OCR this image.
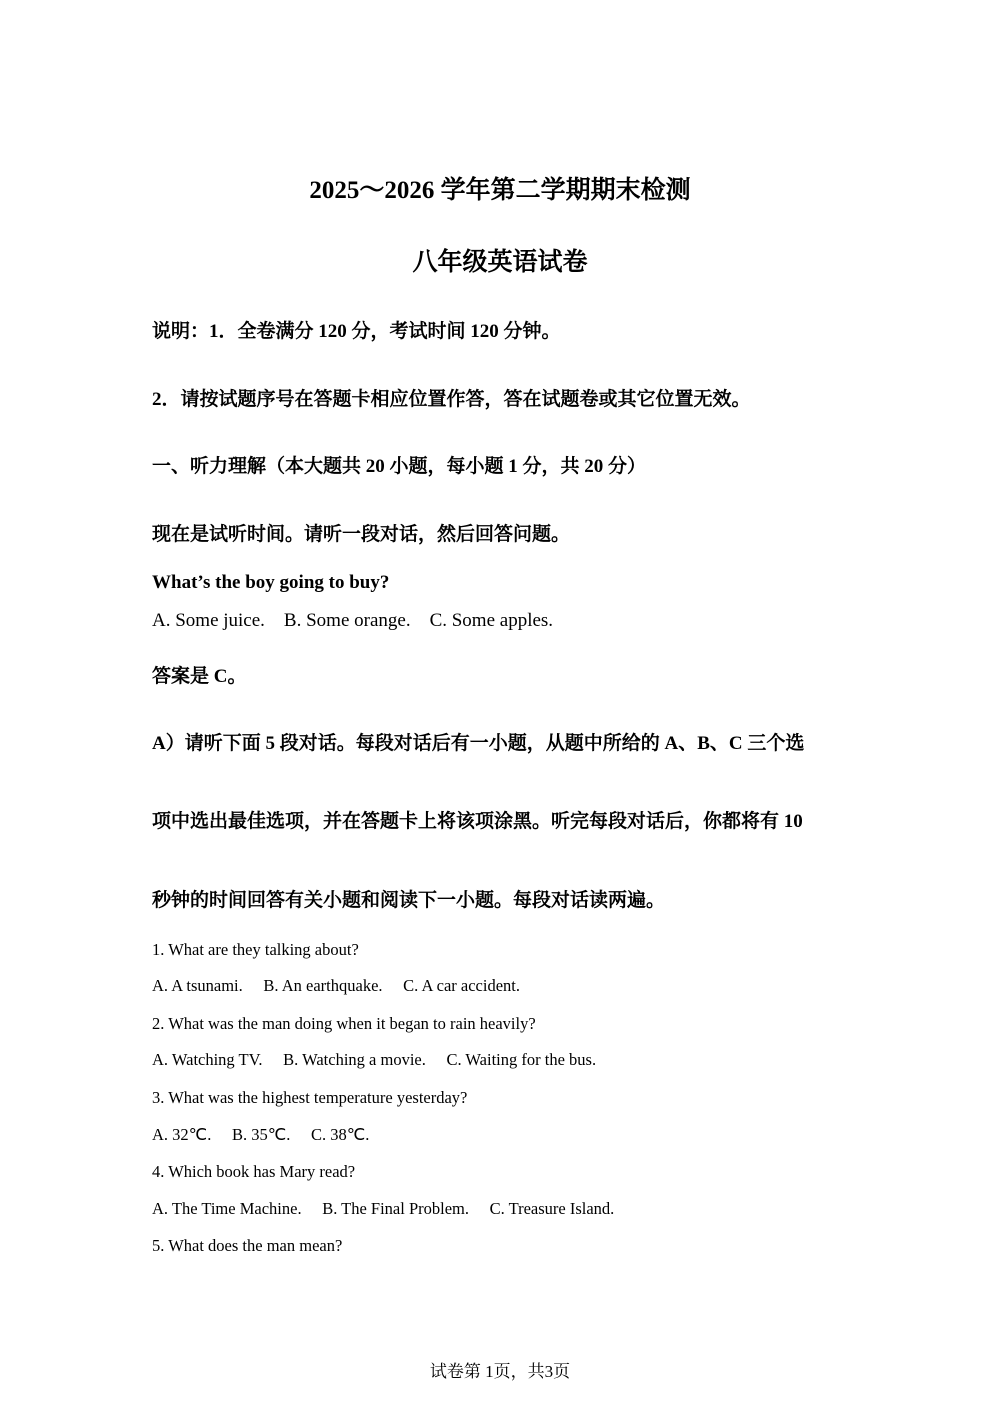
2025～2026 学年第二学期期末检测
八年级英语试卷
说明：1．全卷满分 120 分，考试时间 120 分钟。
2．请按试题序号在答题卡相应位置作答，答在试题卷或其它位置无效。
一、听力理解（本大题共 20 小题，每小题 1 分，共 20 分）
现在是试听时间。请听一段对话，然后回答问题。
What’s the boy going to buy?
A. Some juice.    B. Some orange.    C. Some apples.
答案是 C。
A）请听下面 5 段对话。每段对话后有一小题，从题中所给的 A、B、C 三个选
项中选出最佳选项，并在答题卡上将该项涂黑。听完每段对话后，你都将有 10
秒钟的时间回答有关小题和阅读下一小题。每段对话读两遍。
1. What are they talking about?
A. A tsunami.     B. An earthquake.     C. A car accident.
2. What was the man doing when it began to rain heavily?
A. Watching TV.     B. Watching a movie.     C. Waiting for the bus.
3. What was the highest temperature yesterday?
A. 32℃.     B. 35℃.     C. 38℃.
4. Which book has Mary read?
A. The Time Machine.     B. The Final Problem.     C. Treasure Island.
5. What does the man mean?
试卷第 1页，共3页
